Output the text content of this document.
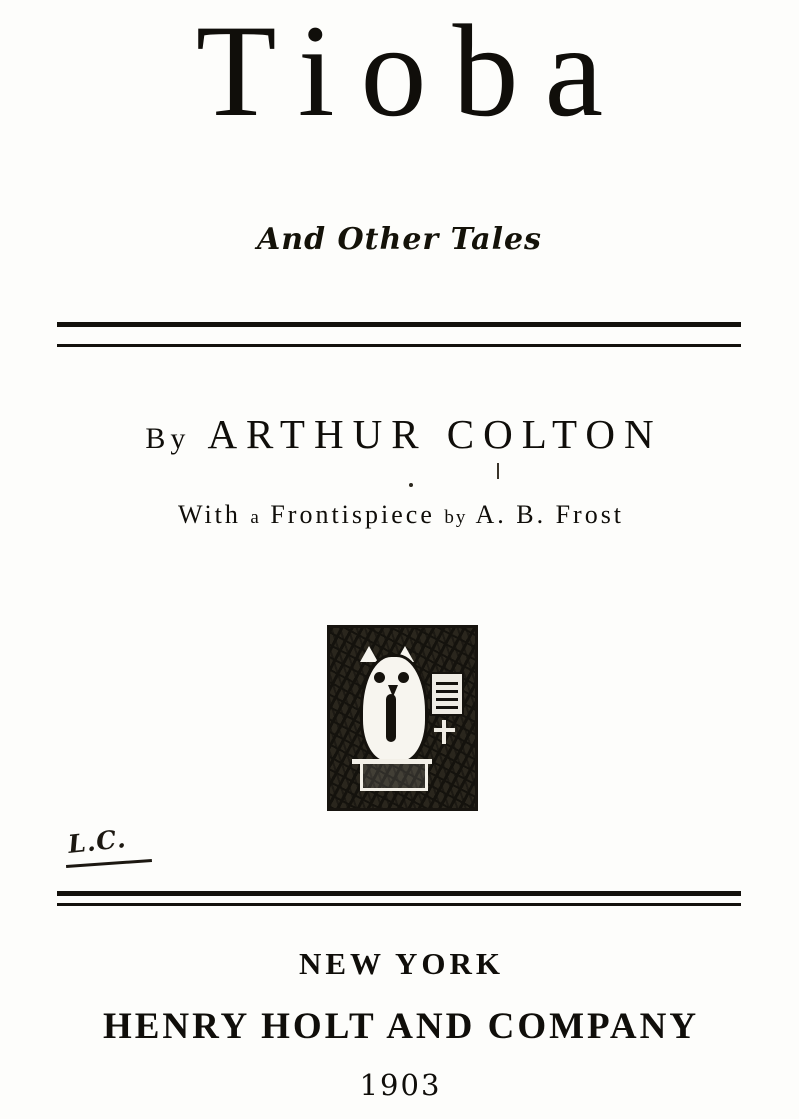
Tioba
And Other Tales
By ARTHUR COLTON
With a Frontispiece by A. B. Frost
L.C.
NEW YORK
HENRY HOLT AND COMPANY
1903
